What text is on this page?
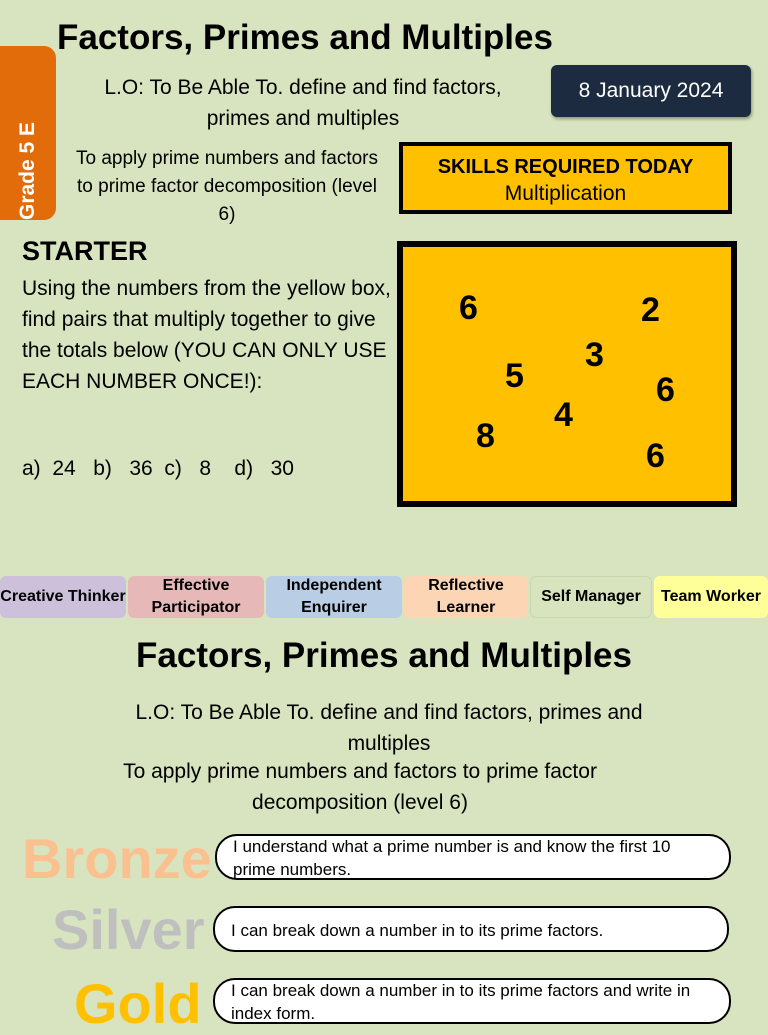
Grade 5 E
Factors, Primes and Multiples
L.O: To Be Able To. define and find factors, primes and multiples
8 January 2024
To apply prime numbers and factors to prime factor decomposition (level 6)
SKILLS REQUIRED TODAY
Multiplication
STARTER
Using the numbers from the yellow box, find pairs that multiply together to give the totals below (YOU CAN ONLY USE EACH NUMBER ONCE!):
a)  24   b)   36  c)   8    d)   30
6	2
3
5	6
4
8
6
Creative Thinker
Effective Participator
Independent Enquirer
Reflective Learner
Self Manager	Team Worker
Factors, Primes and Multiples
L.O: To Be Able To. define and find factors, primes and multiples
To apply prime numbers and factors to prime factor decomposition (level 6)
Bronze I understand what a prime number is and know the first 10 prime numbers.
Silver I can break down a number in to its prime factors.
Gold I can break down a number in to its prime factors and write in index form.
